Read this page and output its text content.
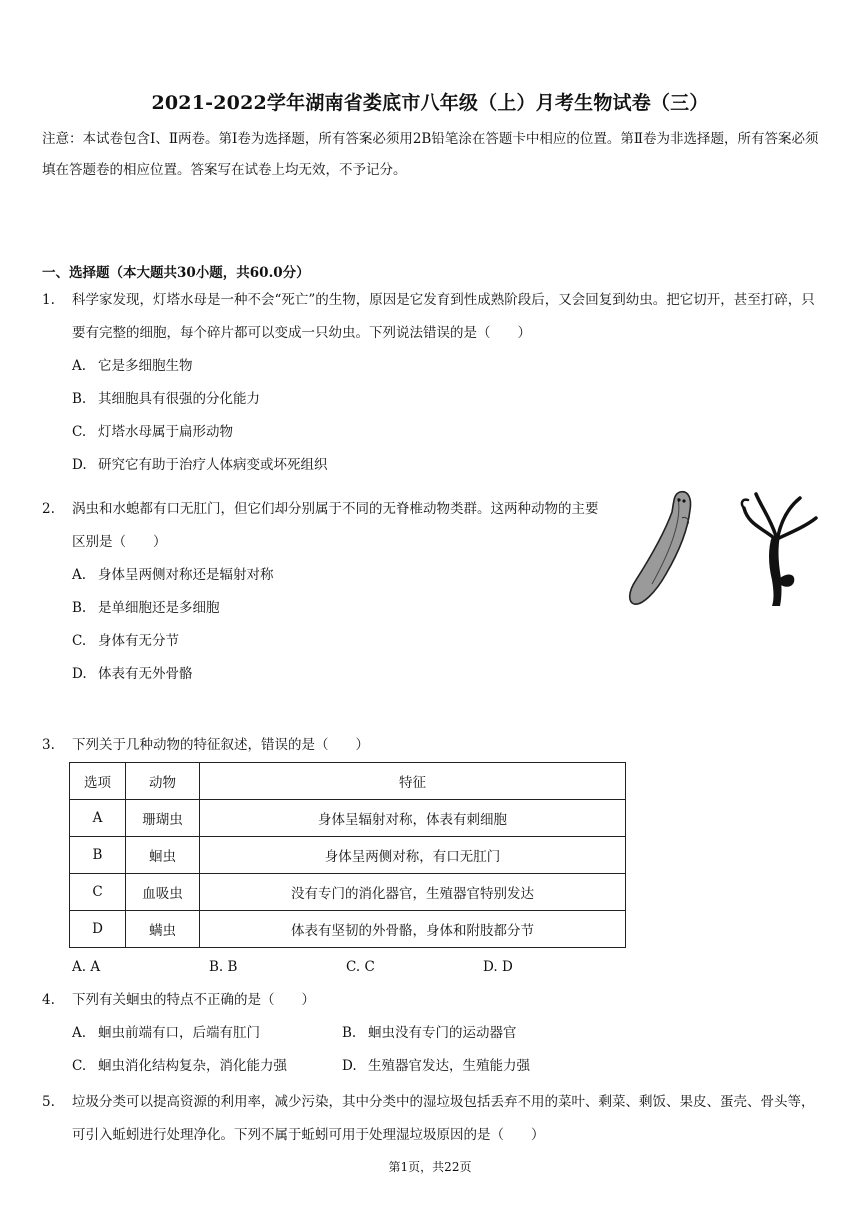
2021-2022学年湖南省娄底市八年级（上）月考生物试卷（三）
注意：本试卷包含Ⅰ、Ⅱ两卷。第Ⅰ卷为选择题，所有答案必须用2B铅笔涂在答题卡中相应的位置。第Ⅱ卷为非选择题，所有答案必须填在答题卷的相应位置。答案写在试卷上均无效，不予记分。
一、选择题（本大题共30小题，共60.0分）
1. 科学家发现，灯塔水母是一种不会“死亡”的生物，原因是它发育到性成熟阶段后，又会回复到幼虫。把它切开，甚至打碎，只要有完整的细胞，每个碎片都可以变成一只幼虫。下列说法错误的是（　　）
A. 它是多细胞生物
B. 其细胞具有很强的分化能力
C. 灯塔水母属于扁形动物
D. 研究它有助于治疗人体病变或坏死组织
2. 涡虫和水螅都有口无肛门，但它们却分别属于不同的无脊椎动物类群。这两种动物的主要区别是（　　）
A. 身体呈两侧对称还是辐射对称
B. 是单细胞还是多细胞
C. 身体有无分节
D. 体表有无外骨骼
3. 下列关于几种动物的特征叙述，错误的是（　　）
选项	动物	特征
A	珊瑚虫	身体呈辐射对称，体表有刺细胞
B	蛔虫	身体呈两侧对称，有口无肛门
C	血吸虫	没有专门的消化器官，生殖器官特别发达
D	螨虫	体表有坚韧的外骨骼，身体和附肢都分节
A. A	B. B	C. C	D. D
4. 下列有关蛔虫的特点不正确的是（　　）
A. 蛔虫前端有口，后端有肛门	B. 蛔虫没有专门的运动器官
C. 蛔虫消化结构复杂，消化能力强	D. 生殖器官发达，生殖能力强
5. 垃圾分类可以提高资源的利用率，减少污染，其中分类中的湿垃圾包括丢弃不用的菜叶、剩菜、剩饭、果皮、蛋壳、骨头等，可引入蚯蚓进行处理净化。下列不属于蚯蚓可用于处理湿垃圾原因的是（　　）
第1页，共22页
